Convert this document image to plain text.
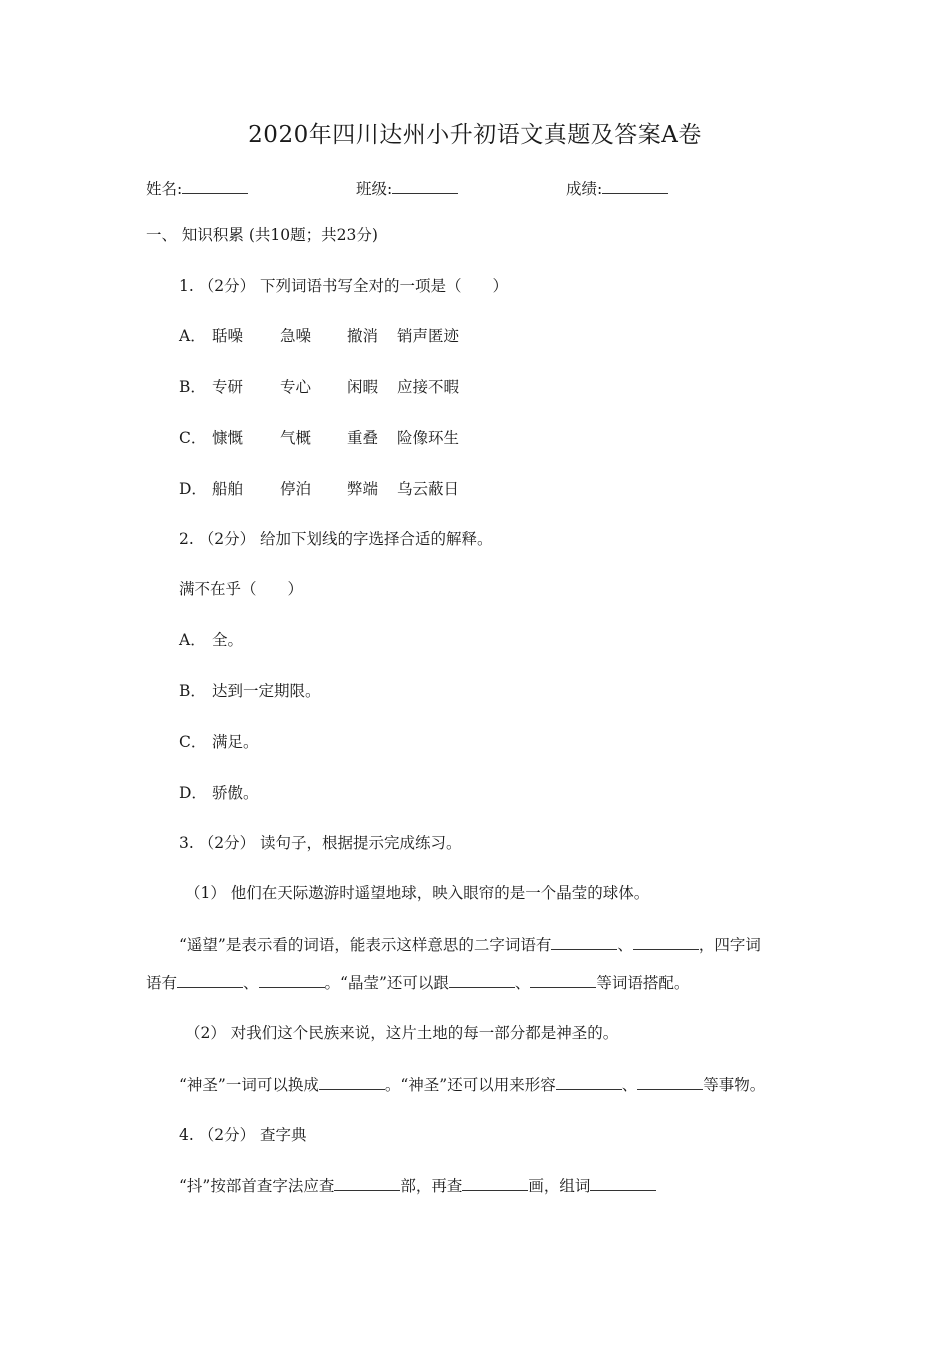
2020年四川达州小升初语文真题及答案A卷
姓名:	班级:	成绩:
一、 知识积累 (共10题；共23分)
1. （2分） 下列词语书写全对的一项是（　　）
A． 聒噪 急噪 撤消 销声匿迹
B． 专研 专心 闲暇 应接不暇
C． 慷慨 气概 重叠 险像环生
D． 船舶 停泊 弊端 乌云蔽日
2. （2分） 给加下划线的字选择合适的解释。
满不在乎（　　）
A． 全。
B． 达到一定期限。
C． 满足。
D． 骄傲。
3. （2分） 读句子，根据提示完成练习。
（1） 他们在天际遨游时遥望地球，映入眼帘的是一个晶莹的球体。
“遥望”是表示看的词语，能表示这样意思的二字词语有	、	，四字词
语有	、	。“晶莹”还可以跟	、	等词语搭配。
（2） 对我们这个民族来说，这片土地的每一部分都是神圣的。
“神圣”一词可以换成	。“神圣”还可以用来形容	、	等事物。
4. （2分） 查字典
“抖”按部首查字法应查	部，再查	画，组词
